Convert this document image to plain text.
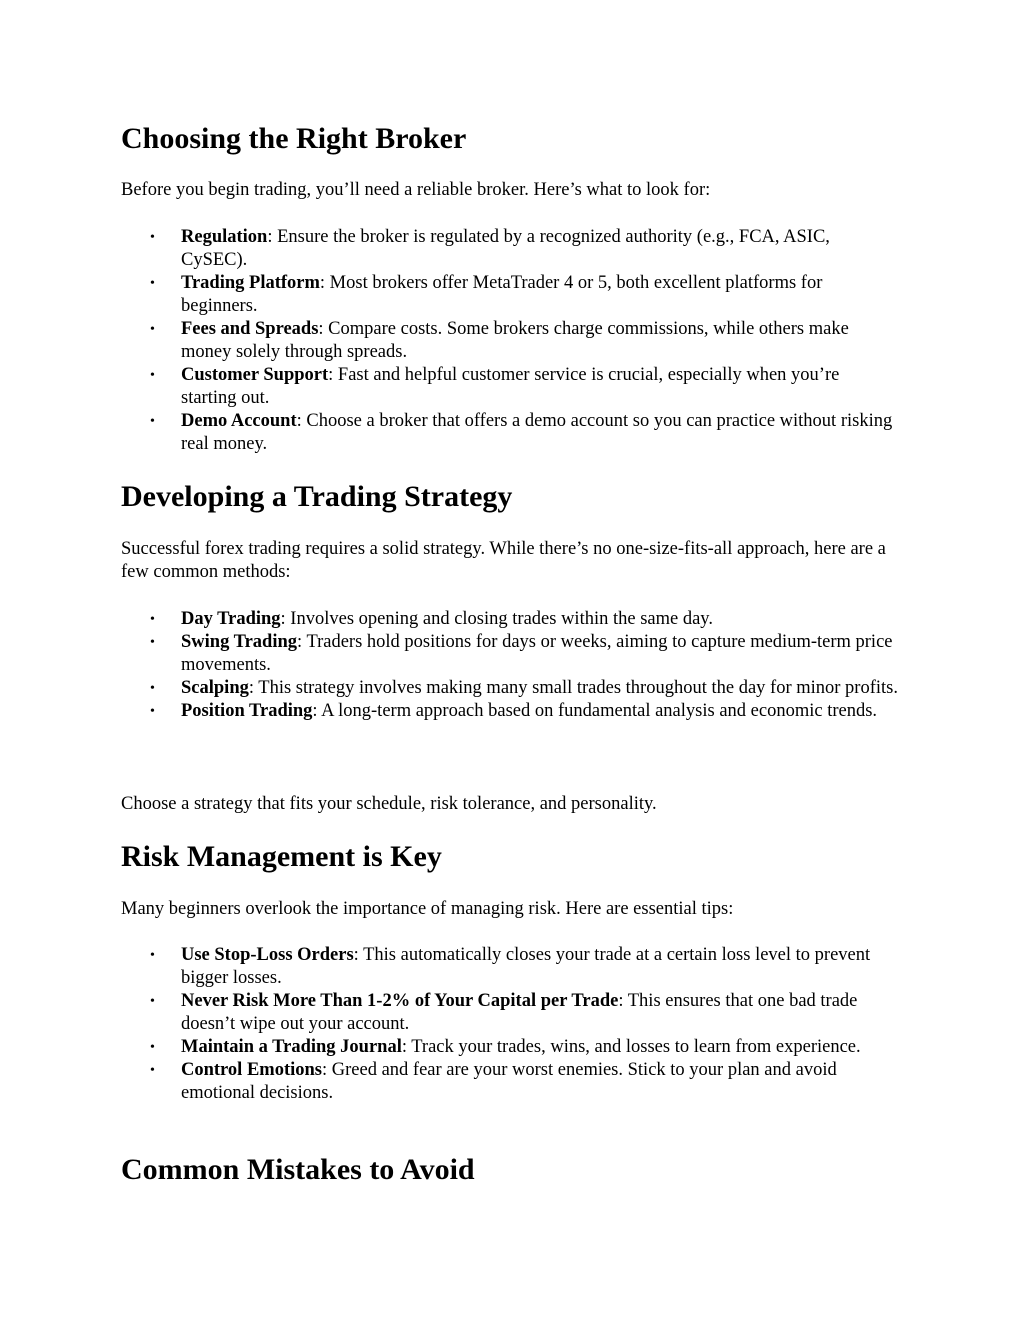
Choosing the Right Broker

Before you begin trading, you’ll need a reliable broker. Here’s what to look for:

• Regulation: Ensure the broker is regulated by a recognized authority (e.g., FCA, ASIC, CySEC).
• Trading Platform: Most brokers offer MetaTrader 4 or 5, both excellent platforms for beginners.
• Fees and Spreads: Compare costs. Some brokers charge commissions, while others make money solely through spreads.
• Customer Support: Fast and helpful customer service is crucial, especially when you’re starting out.
• Demo Account: Choose a broker that offers a demo account so you can practice without risking real money.
Developing a Trading Strategy

Successful forex trading requires a solid strategy. While there’s no one-size-fits-all approach, here are a few common methods:

• Day Trading: Involves opening and closing trades within the same day.
• Swing Trading: Traders hold positions for days or weeks, aiming to capture medium-term price movements.
• Scalping: This strategy involves making many small trades throughout the day for minor profits.
• Position Trading: A long-term approach based on fundamental analysis and economic trends.

Choose a strategy that fits your schedule, risk tolerance, and personality.

Risk Management is Key

Many beginners overlook the importance of managing risk. Here are essential tips:

• Use Stop-Loss Orders: This automatically closes your trade at a certain loss level to prevent bigger losses.
• Never Risk More Than 1-2% of Your Capital per Trade: This ensures that one bad trade doesn’t wipe out your account.
• Maintain a Trading Journal: Track your trades, wins, and losses to learn from experience.
• Control Emotions: Greed and fear are your worst enemies. Stick to your plan and avoid emotional decisions.
Common Mistakes to Avoid
